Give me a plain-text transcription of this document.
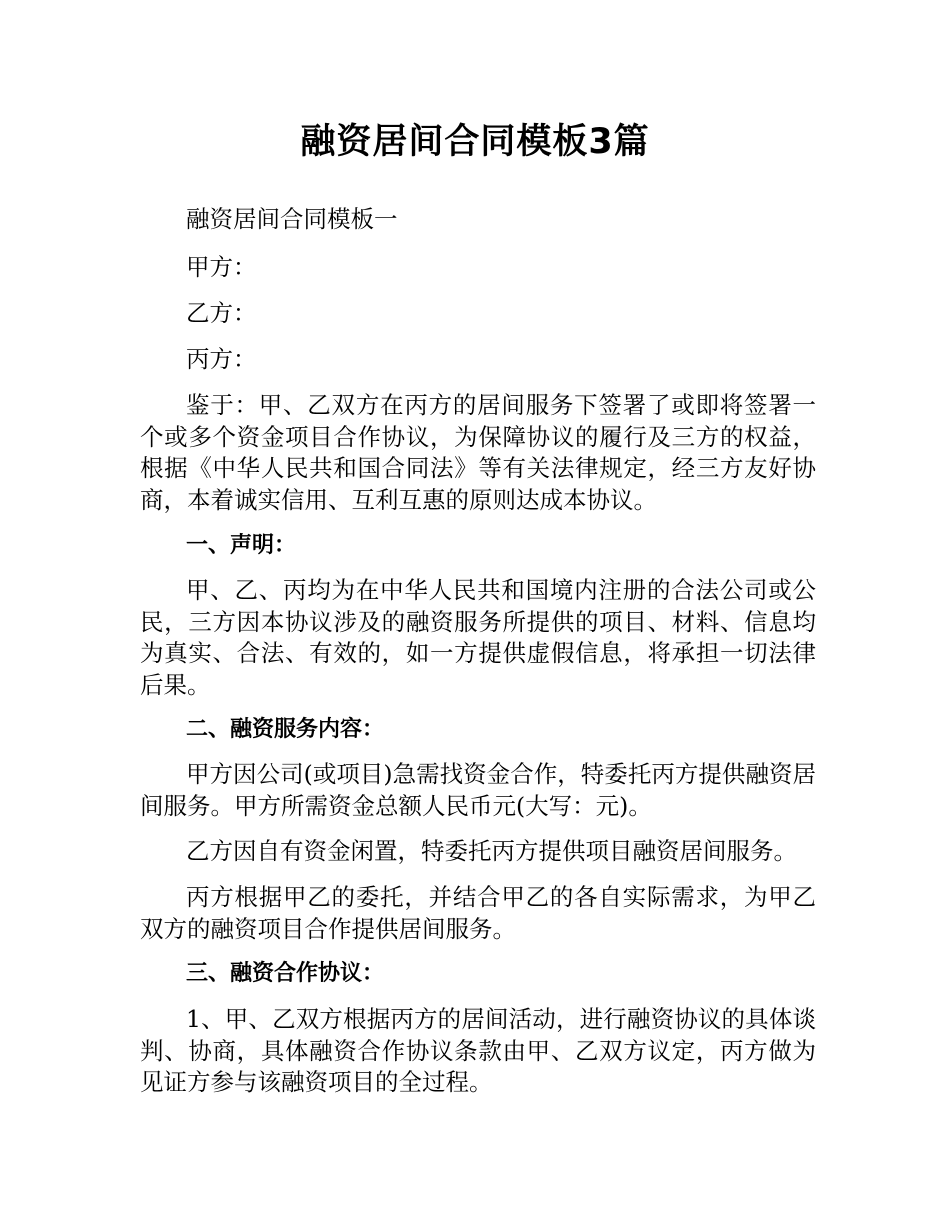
融资居间合同模板3篇

融资居间合同模板一

甲方：

乙方：

丙方：

鉴于：甲、乙双方在丙方的居间服务下签署了或即将签署一个或多个资金项目合作协议，为保障协议的履行及三方的权益，根据《中华人民共和国合同法》等有关法律规定，经三方友好协商，本着诚实信用、互利互惠的原则达成本协议。

一、声明：

甲、乙、丙均为在中华人民共和国境内注册的合法公司或公民，三方因本协议涉及的融资服务所提供的项目、材料、信息均为真实、合法、有效的，如一方提供虚假信息，将承担一切法律后果。

二、融资服务内容：

甲方因公司(或项目)急需找资金合作，特委托丙方提供融资居间服务。甲方所需资金总额人民币元(大写：元)。

乙方因自有资金闲置，特委托丙方提供项目融资居间服务。

丙方根据甲乙的委托，并结合甲乙的各自实际需求，为甲乙双方的融资项目合作提供居间服务。

三、融资合作协议：

1、甲、乙双方根据丙方的居间活动，进行融资协议的具体谈判、协商，具体融资合作协议条款由甲、乙双方议定，丙方做为见证方参与该融资项目的全过程。
